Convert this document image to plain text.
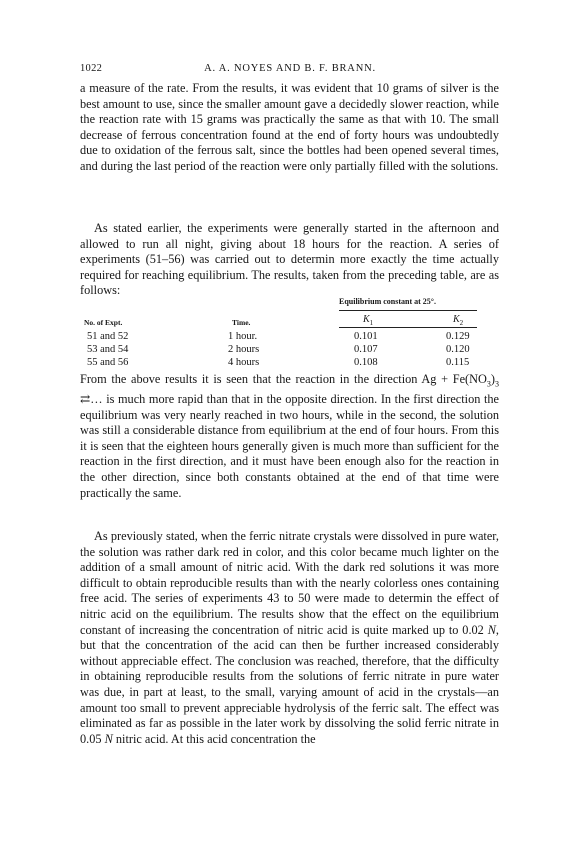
1022	A. A. NOYES AND B. F. BRANN.

a measure of the rate. From the results, it was evident that 10 grams of silver is the best amount to use, since the smaller amount gave a decidedly slower reaction, while the reaction rate with 15 grams was practically the same as that with 10. The small decrease of ferrous concentration found at the end of forty hours was undoubtedly due to oxidation of the ferrous salt, since the bottles had been opened several times, and during the last period of the reaction were only partially filled with the solutions.

As stated earlier, the experiments were generally started in the afternoon and allowed to run all night, giving about 18 hours for the reaction. A series of experiments (51–56) was carried out to determin more exactly the time actually required for reaching equilibrium. The results, taken from the preceding table, are as follows:

Equilibrium constant at 25°.
No. of Expt.	Time.	$K_1$	$K_2$
51 and 52	1 hour.	0.101	0.129
53 and 54	2 hours	0.107	0.120
55 and 56	4 hours	0.108	0.115

From the above results it is seen that the reaction in the direction $Ag + Fe(NO_3)_3$ ⇄… is much more rapid than that in the opposite direction. In the first direction the equilibrium was very nearly reached in two hours, while in the second, the solution was still a considerable distance from equilibrium at the end of four hours. From this it is seen that the eighteen hours generally given is much more than sufficient for the reaction in the first direction, and it must have been enough also for the reaction in the other direction, since both constants obtained at the end of that time were practically the same.

As previously stated, when the ferric nitrate crystals were dissolved in pure water, the solution was rather dark red in color, and this color became much lighter on the addition of a small amount of nitric acid. With the dark red solutions it was more difficult to obtain reproducible results than with the nearly colorless ones containing free acid. The series of experiments 43 to 50 were made to determin the effect of nitric acid on the equilibrium. The results show that the effect on the equilibrium constant of increasing the concentration of nitric acid is quite marked up to 0.02 N, but that the concentration of the acid can then be further increased considerably without appreciable effect. The conclusion was reached, therefore, that the difficulty in obtaining reproducible results from the solutions of ferric nitrate in pure water was due, in part at least, to the small, varying amount of acid in the crystals—an amount too small to prevent appreciable hydrolysis of the ferric salt. The effect was eliminated as far as possible in the later work by dissolving the solid ferric nitrate in 0.05 N nitric acid. At this acid concentration the
